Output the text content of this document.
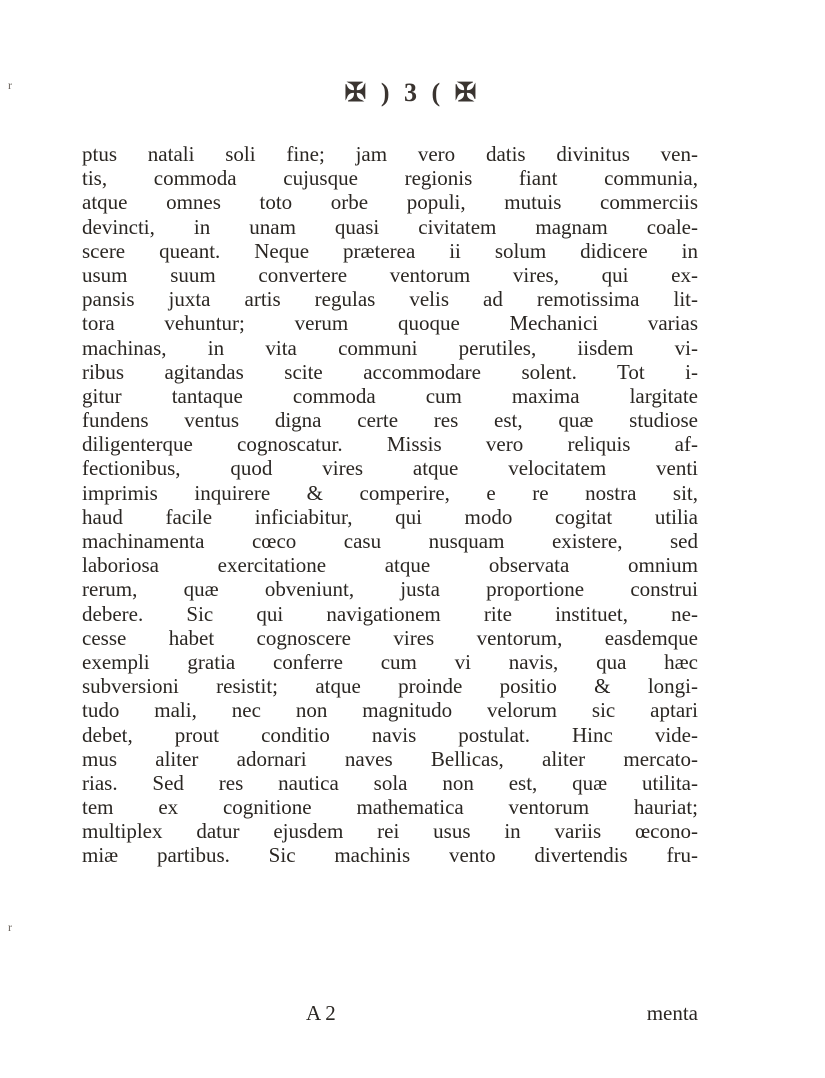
r
r
✠ ) 3 ( ✠
ptus natali soli fine; jam vero datis divinitus ven-
tis, commoda cujusque regionis fiant communia,
atque omnes toto orbe populi, mutuis commerciis
devincti, in unam quasi civitatem magnam coale-
scere queant. Neque præterea ii solum didicere in
usum suum convertere ventorum vires, qui ex-
pansis juxta artis regulas velis ad remotissima lit-
tora vehuntur; verum quoque Mechanici varias
machinas, in vita communi perutiles, iisdem vi-
ribus agitandas scite accommodare solent. Tot i-
gitur tantaque commoda cum maxima largitate
fundens ventus digna certe res est, quæ studiose
diligenterque cognoscatur. Missis vero reliquis af-
fectionibus, quod vires atque velocitatem venti
imprimis inquirere & comperire, e re nostra sit,
haud facile inficiabitur, qui modo cogitat utilia
machinamenta cœco casu nusquam existere, sed
laboriosa exercitatione atque observata omnium
rerum, quæ obveniunt, justa proportione construi
debere. Sic qui navigationem rite instituet, ne-
cesse habet cognoscere vires ventorum, easdemque
exempli gratia conferre cum vi navis, qua hæc
subversioni resistit; atque proinde positio & longi-
tudo mali, nec non magnitudo velorum sic aptari
debet, prout conditio navis postulat. Hinc vide-
mus aliter adornari naves Bellicas, aliter mercato-
rias. Sed res nautica sola non est, quæ utilita-
tem ex cognitione mathematica ventorum hauriat;
multiplex datur ejusdem rei usus in variis œcono-
miæ partibus. Sic machinis vento divertendis fru-
A 2	menta
